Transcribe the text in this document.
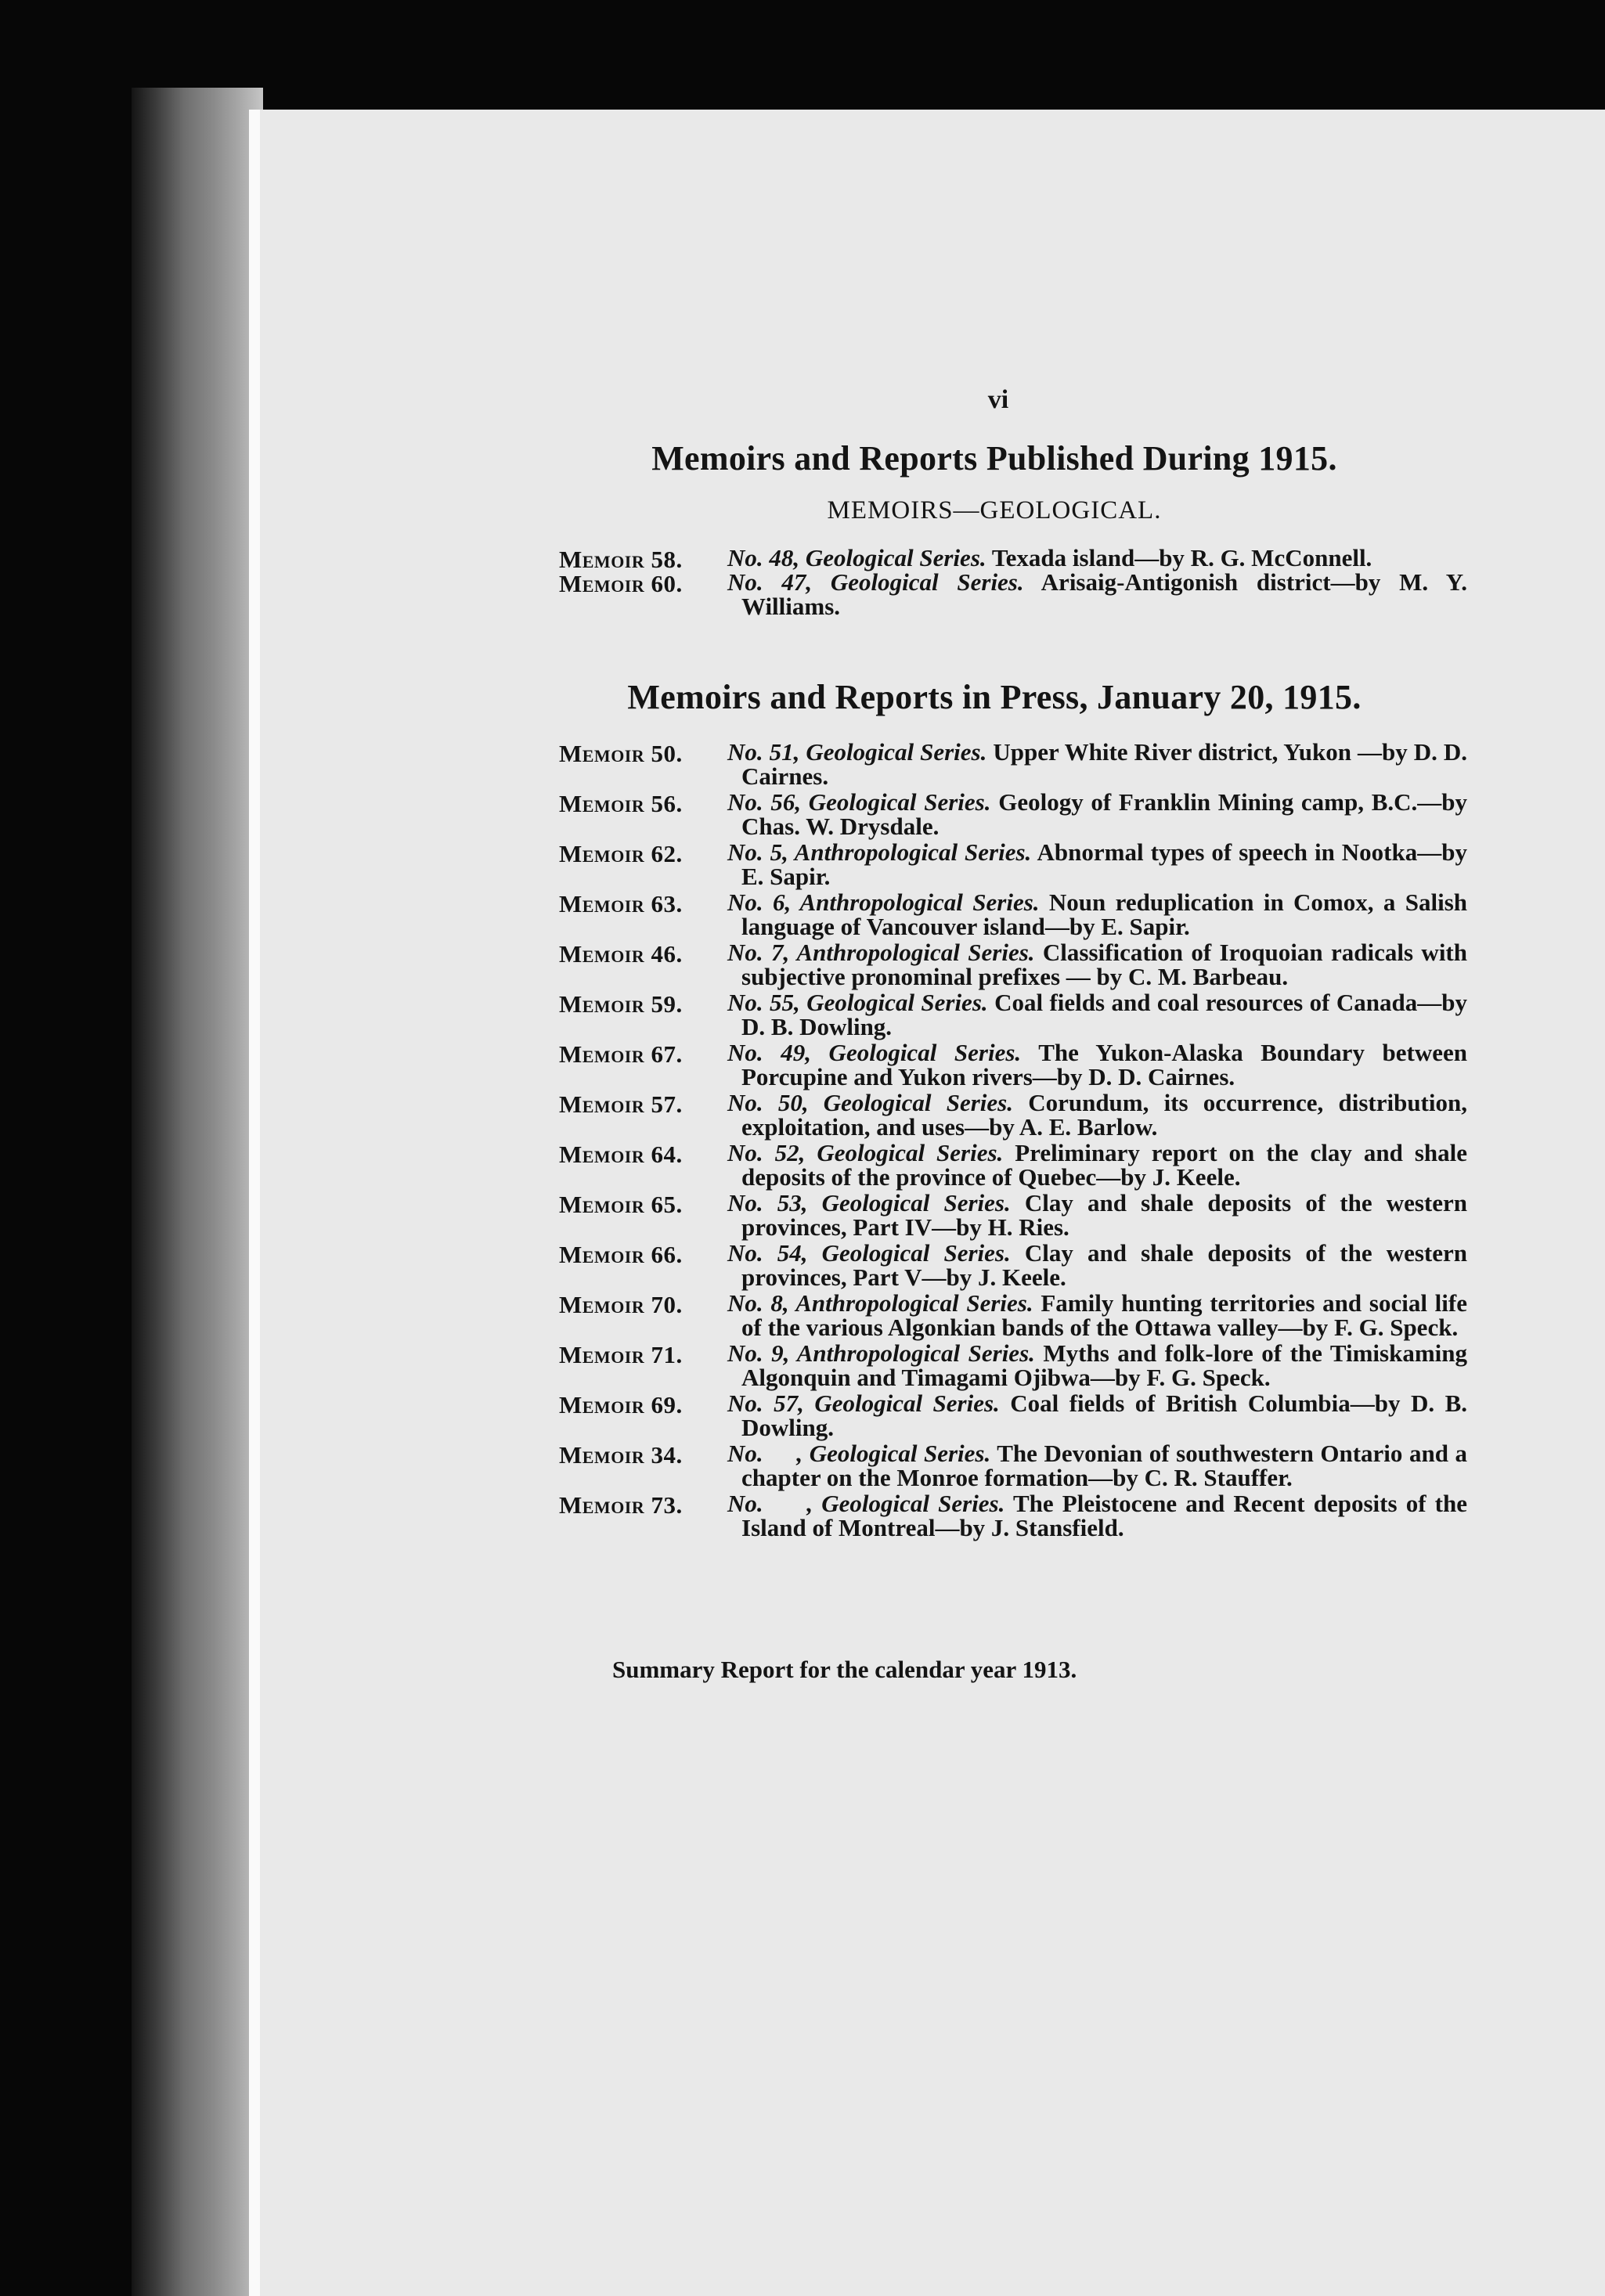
vi
Memoirs and Reports Published During 1915.
MEMOIRS—GEOLOGICAL.
Memoir 58.	No. 48, Geological Series. Texada island—by R. G. McConnell.
Memoir 60.	No. 47, Geological Series. Arisaig-Antigonish district—by M. Y. Williams.
Memoirs and Reports in Press, January 20, 1915.
Memoir 50.	No. 51, Geological Series. Upper White River district, Yukon —by D. D. Cairnes.
Memoir 56.	No. 56, Geological Series. Geology of Franklin Mining camp, B.C.—by Chas. W. Drysdale.
Memoir 62.	No. 5, Anthropological Series. Abnormal types of speech in Nootka—by E. Sapir.
Memoir 63.	No. 6, Anthropological Series. Noun reduplication in Comox, a Salish language of Vancouver island—by E. Sapir.
Memoir 46.	No. 7, Anthropological Series. Classification of Iroquoian radicals with subjective pronominal prefixes — by C. M. Barbeau.
Memoir 59.	No. 55, Geological Series. Coal fields and coal resources of Canada—by D. B. Dowling.
Memoir 67.	No. 49, Geological Series. The Yukon-Alaska Boundary between Porcupine and Yukon rivers—by D. D. Cairnes.
Memoir 57.	No. 50, Geological Series. Corundum, its occurrence, distribution, exploitation, and uses—by A. E. Barlow.
Memoir 64.	No. 52, Geological Series. Preliminary report on the clay and shale deposits of the province of Quebec—by J. Keele.
Memoir 65.	No. 53, Geological Series. Clay and shale deposits of the western provinces, Part IV—by H. Ries.
Memoir 66.	No. 54, Geological Series. Clay and shale deposits of the western provinces, Part V—by J. Keele.
Memoir 70.	No. 8, Anthropological Series. Family hunting territories and social life of the various Algonkian bands of the Ottawa valley—by F. G. Speck.
Memoir 71.	No. 9, Anthropological Series. Myths and folk-lore of the Timiskaming Algonquin and Timagami Ojibwa—by F. G. Speck.
Memoir 69.	No. 57, Geological Series. Coal fields of British Columbia—by D. B. Dowling.
Memoir 34.	No.     , Geological Series. The Devonian of southwestern Ontario and a chapter on the Monroe formation—by C. R. Stauffer.
Memoir 73.	No.     , Geological Series. The Pleistocene and Recent deposits of the Island of Montreal—by J. Stansfield.
Summary Report for the calendar year 1913.
